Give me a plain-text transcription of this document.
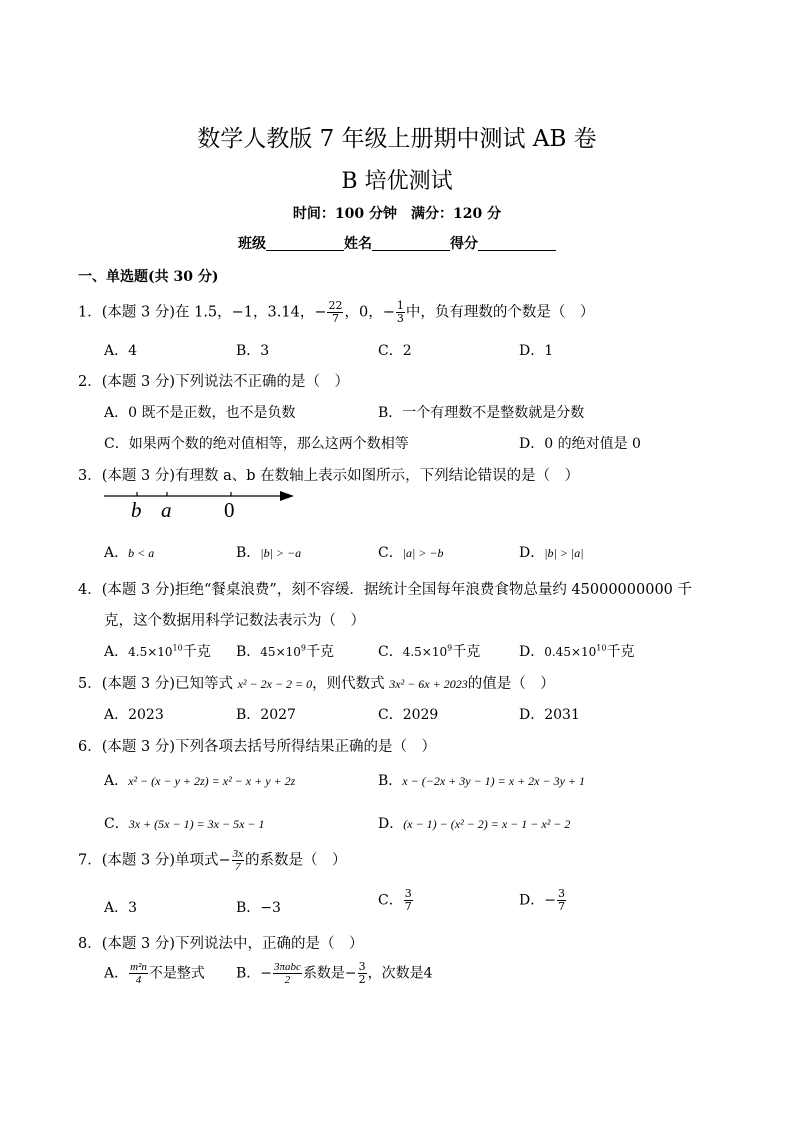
数学人教版 7 年级上册期中测试 AB 卷
B 培优测试
时间：100 分钟　满分：120 分
班级	姓名	得分
一、单选题(共 30 分)
1．(本题 3 分)在 1.5，−1，3.14，− $\frac{22}{7}$ ，0，− $\frac{1}{3}$ 中，负有理数的个数是（　）
A．4	B．3	C．2	D．1
2．(本题 3 分)下列说法不正确的是（　）
A．0 既不是正数，也不是负数	B．一个有理数不是整数就是分数
C．如果两个数的绝对值相等，那么这两个数相等	D．0 的绝对值是 0
3．(本题 3 分)有理数 a、b 在数轴上表示如图所示，下列结论错误的是（　）
b a	0
A．b < a	B．|b| > −a	C．|a| > −b	D．|b| > |a|
4．(本题 3 分)拒绝“餐桌浪费”，刻不容缓．据统计全国每年浪费食物总量约 45000000000 千
克，这个数据用科学记数法表示为（　）
A．$4.5\times 10^{10}$千克 B．$45\times 10^9$千克	C．$4.5\times 10^9$千克	D．$0.45\times 10^{10}$千克
5．(本题 3 分)已知等式 x² − 2x − 2 = 0，则代数式 3x² − 6x + 2023的值是（　）
A．2023	B．2027	C．2029	D．2031
6．(本题 3 分)下列各项去括号所得结果正确的是（　）
A．x² − (x − y + 2z) = x² − x + y + 2z	B．x − (−2x + 3y − 1) = x + 2x − 3y + 1
C．3x + (5x − 1) = 3x − 5x − 1	D．(x − 1) − (x² − 2) = x − 1 − x² − 2
7．(本题 3 分)单项式− $\frac{3x}{7}$ 的系数是（　）
A．3	B．−3	C． $\frac{3}{7}$	D．− $\frac{3}{7}$
8．(本题 3 分)下列说法中，正确的是（　）
A． $\frac{\text{m²n}}{4}$ 不是整式 B．− $\frac{\text{3πabc}}{2}$ 系数是− $\frac{3}{2}$ ，次数是4
